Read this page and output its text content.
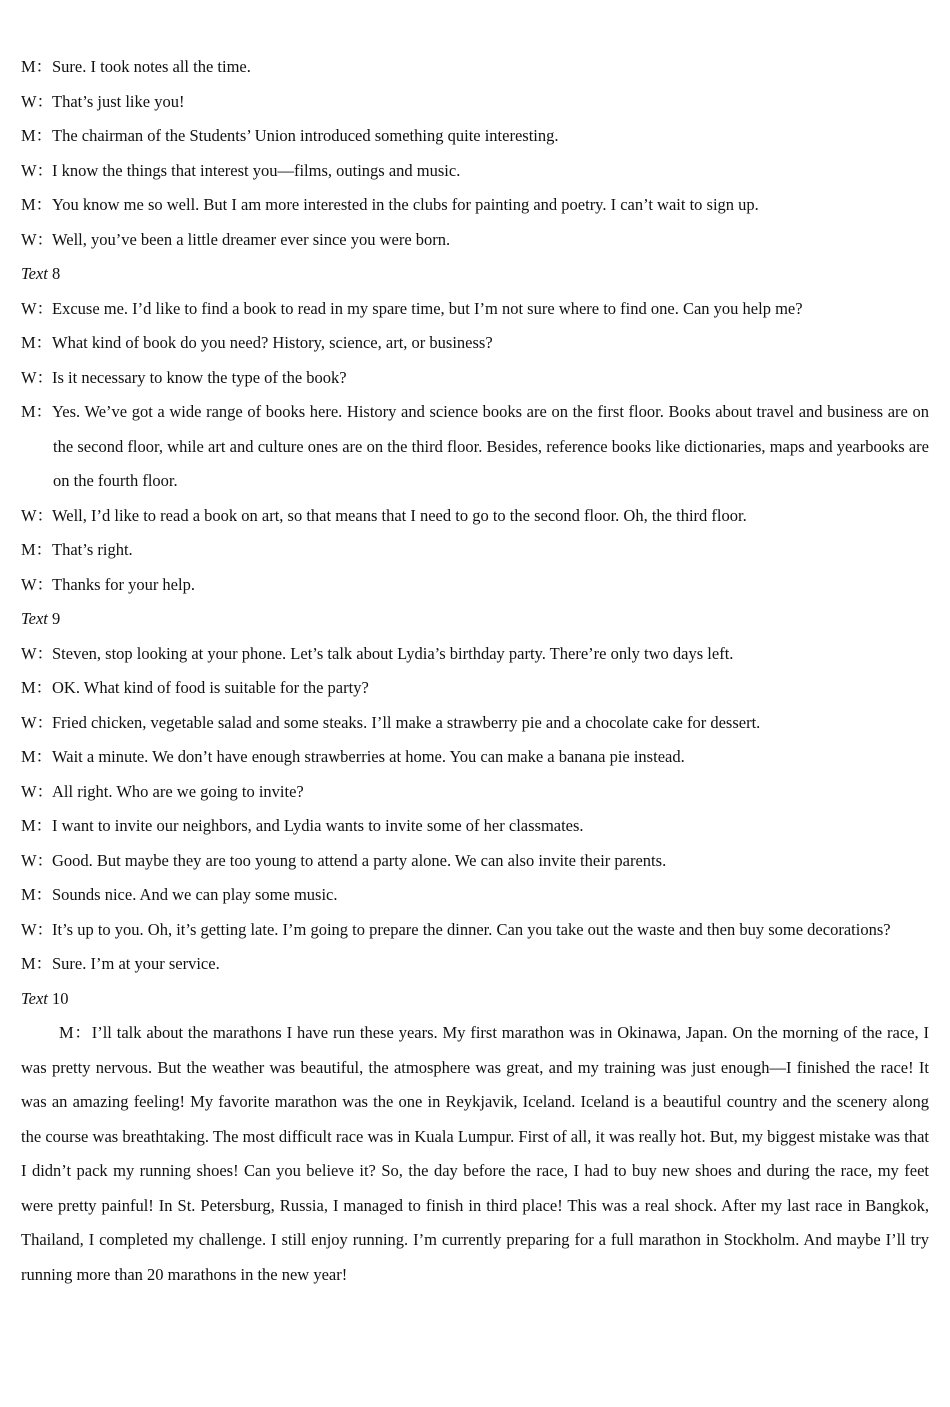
M：Sure. I took notes all the time.

W：That’s just like you!

M：The chairman of the Students’ Union introduced something quite interesting.

W：I know the things that interest you—films, outings and music.

M：You know me so well. But I am more interested in the clubs for painting and poetry. I can’t wait to sign up.

W：Well, you’ve been a little dreamer ever since you were born.

Text 8

W：Excuse me. I’d like to find a book to read in my spare time, but I’m not sure where to find one. Can you help me?

M：What kind of book do you need? History, science, art, or business?

W：Is it necessary to know the type of the book?

M：Yes. We’ve got a wide range of books here. History and science books are on the first floor. Books about travel and business are on the second floor, while art and culture ones are on the third floor. Besides, reference books like dictionaries, maps and yearbooks are on the fourth floor.

W：Well, I’d like to read a book on art, so that means that I need to go to the second floor. Oh, the third floor.

M：That’s right.

W：Thanks for your help.

Text 9

W：Steven, stop looking at your phone. Let’s talk about Lydia’s birthday party. There’re only two days left.

M：OK. What kind of food is suitable for the party?

W：Fried chicken, vegetable salad and some steaks. I’ll make a strawberry pie and a chocolate cake for dessert.

M：Wait a minute. We don’t have enough strawberries at home. You can make a banana pie instead.

W：All right. Who are we going to invite?

M：I want to invite our neighbors, and Lydia wants to invite some of her classmates.

W：Good. But maybe they are too young to attend a party alone. We can also invite their parents.

M：Sounds nice. And we can play some music.

W：It’s up to you. Oh, it’s getting late. I’m going to prepare the dinner. Can you take out the waste and then buy some decorations?

M：Sure. I’m at your service.

Text 10

M：I’ll talk about the marathons I have run these years. My first marathon was in Okinawa, Japan. On the morning of the race, I was pretty nervous. But the weather was beautiful, the atmosphere was great, and my training was just enough—I finished the race! It was an amazing feeling! My favorite marathon was the one in Reykjavik, Iceland. Iceland is a beautiful country and the scenery along the course was breathtaking. The most difficult race was in Kuala Lumpur. First of all, it was really hot. But, my biggest mistake was that I didn’t pack my running shoes! Can you believe it? So, the day before the race, I had to buy new shoes and during the race, my feet were pretty painful! In St. Petersburg, Russia, I managed to finish in third place! This was a real shock. After my last race in Bangkok, Thailand, I completed my challenge. I still enjoy running. I’m currently preparing for a full marathon in Stockholm. And maybe I’ll try running more than 20 marathons in the new year!
